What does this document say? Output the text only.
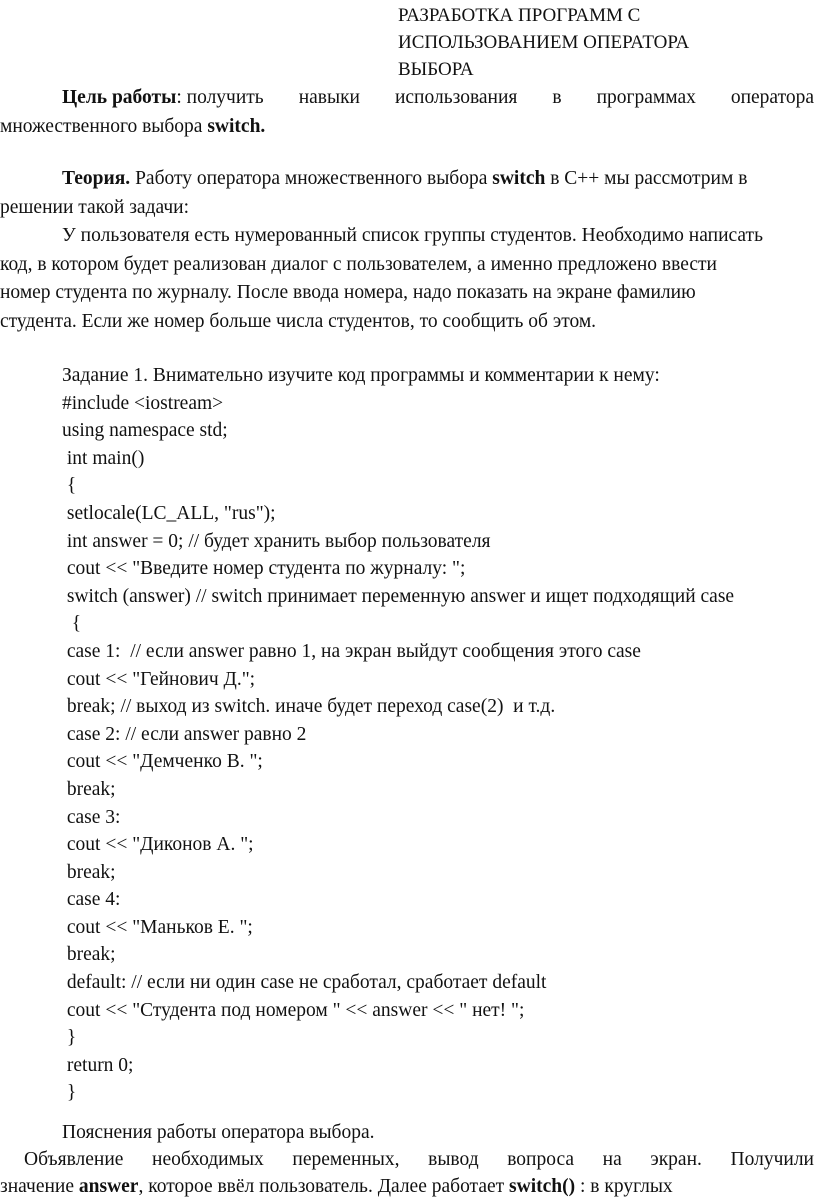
РАЗРАБОТКА ПРОГРАММ С
ИСПОЛЬЗОВАНИЕМ ОПЕРАТОРА
ВЫБОРА
Цель работы: получить навыки использования в программах оператора
множественного выбора switch.
Теория. Работу оператора множественного выбора switch в С++ мы рассмотрим в
решении такой задачи:
У пользователя есть нумерованный список группы студентов. Необходимо написать
код, в котором будет реализован диалог с пользователем, а именно предложено ввести
номер студента по журналу. После ввода номера, надо показать на экране фамилию
студента. Если же номер больше числа студентов, то сообщить об этом.
Задание 1. Внимательно изучите код программы и комментарии к нему:
#include <iostream>
using namespace std;
int main()
{
setlocale(LC_ALL, "rus");
int answer = 0; // будет хранить выбор пользователя
cout << "Введите номер студента по журналу: ";
switch (answer) // switch принимает переменную answer и ищет подходящий case
{
case 1:  // если answer равно 1, на экран выйдут сообщения этого case
cout << "Гейнович Д.";
break; // выход из switch. иначе будет переход case(2)  и т.д.
case 2: // если answer равно 2
cout << "Демченко В. ";
break;
case 3:
cout << "Диконов А. ";
break;
case 4:
cout << "Маньков Е. ";
break;
default: // если ни один case не сработал, сработает default
cout << "Студента под номером " << answer << " нет! ";
}
return 0;
}
Пояснения работы оператора выбора.
Объявление необходимых переменных, вывод вопроса на экран. Получили
значение answer, которое ввёл пользователь. Далее работает switch() : в круглых
